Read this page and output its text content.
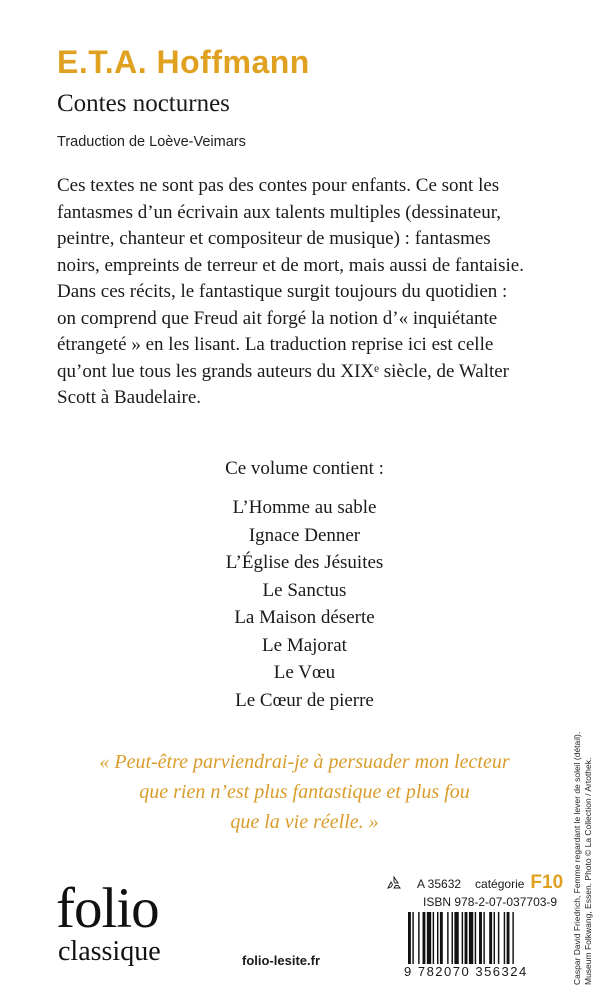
E.T.A. Hoffmann
Contes nocturnes
Traduction de Loève-Veimars

Ces textes ne sont pas des contes pour enfants. Ce sont les
fantasmes d’un écrivain aux talents multiples (dessinateur,
peintre, chanteur et compositeur de musique) : fantasmes
noirs, empreints de terreur et de mort, mais aussi de fantaisie.
Dans ces récits, le fantastique surgit toujours du quotidien :
on comprend que Freud ait forgé la notion d’« inquiétante
étrangeté » en les lisant. La traduction reprise ici est celle
qu’ont lue tous les grands auteurs du XIXᵉ siècle, de Walter
Scott à Baudelaire.

Ce volume contient :
L’Homme au sable
Ignace Denner
L’Église des Jésuites
Le Sanctus
La Maison déserte
Le Majorat
Le Vœu
Le Cœur de pierre
« Peut-être parviendrai-je à persuader mon lecteur
que rien n’est plus fantastique et plus fou
que la vie réelle. »
folio
classique	folio-lesite.fr
A 35632 catégorie F10
ISBN 978-2-07-037703-9
9 782070 356324	Caspar David Friedrich, Femme regardant le lever de soleil (détail). Museum Folkwang, Essen. Photo © La Collection / Artothek.
